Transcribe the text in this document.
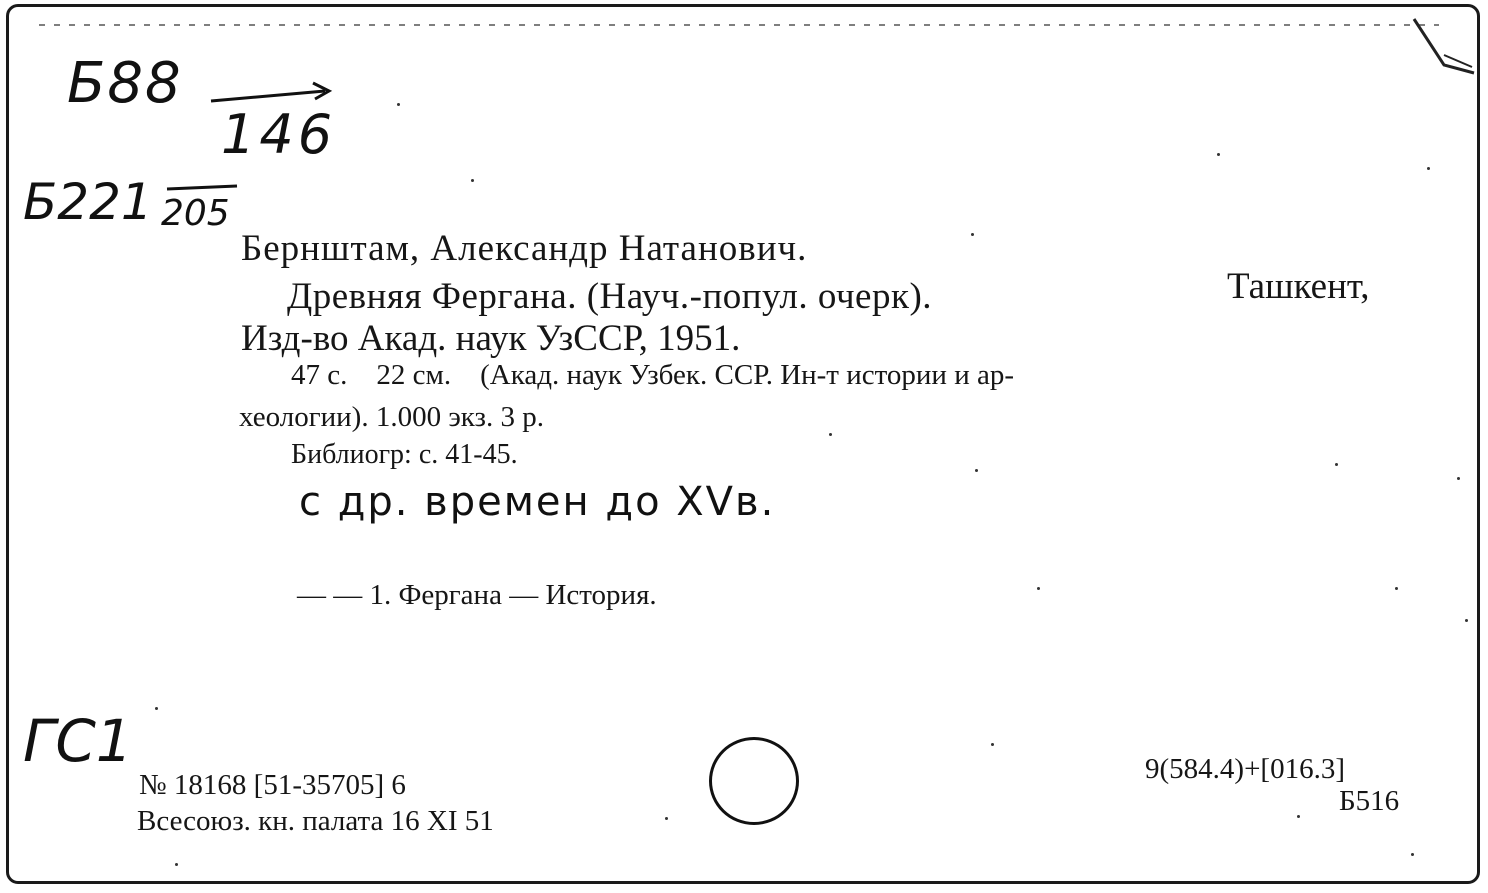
Б88
146
Б221 205
Бернштам, Александр Натанович.
Древняя Фергана. (Науч.-попул. очерк).	Ташкент,
Изд-во Акад. наук УзССР, 1951.
47 с.    22 см.    (Акад. наук Узбек. ССР. Ин-т истории и ар-
хеологии). 1.000 экз. 3 р.
Библиогр: с. 41-45.
с др. времен до XVв.
— — 1. Фергана — История.
ГС1
№ 18168 [51-35705] 6
Всесоюз. кн. палата 16 XI 51
9(584.4)+[016.3]
Б516
